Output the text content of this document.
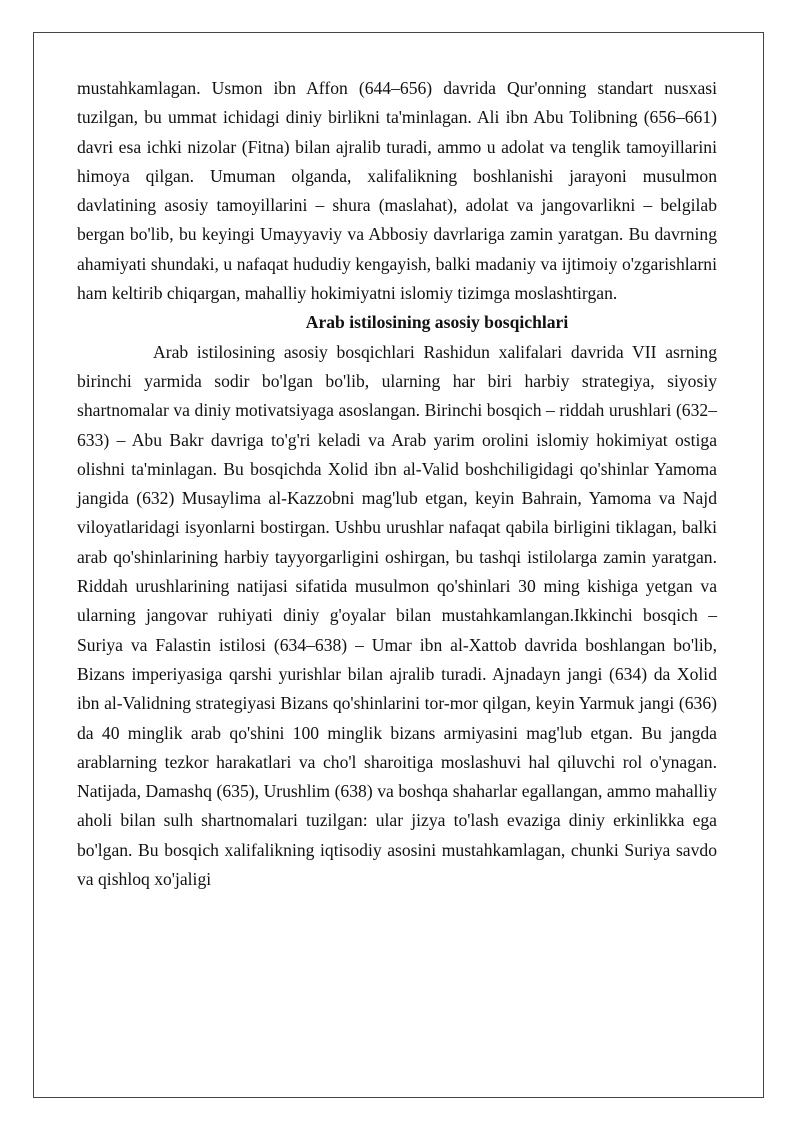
mustahkamlagan. Usmon ibn Affon (644–656) davrida Qur'onning standart nusxasi tuzilgan, bu ummat ichidagi diniy birlikni ta'minlagan. Ali ibn Abu Tolibning (656–661) davri esa ichki nizolar (Fitna) bilan ajralib turadi, ammo u adolat va tenglik tamoyillarini himoya qilgan. Umuman olganda, xalifalikning boshlanishi jarayoni musulmon davlatining asosiy tamoyillarini – shura (maslahat), adolat va jangovarlikni – belgilab bergan bo'lib, bu keyingi Umayyaviy va Abbosiy davrlariga zamin yaratgan. Bu davrning ahamiyati shundaki, u nafaqat hududiy kengayish, balki madaniy va ijtimoiy o'zgarishlarni ham keltirib chiqargan, mahalliy hokimiyatni islomiy tizimga moslashtirgan.

Arab istilosining asosiy bosqichlari

Arab istilosining asosiy bosqichlari Rashidun xalifalari davrida VII asrning birinchi yarmida sodir bo'lgan bo'lib, ularning har biri harbiy strategiya, siyosiy shartnomalar va diniy motivatsiyaga asoslangan. Birinchi bosqich – riddah urushlari (632–633) – Abu Bakr davriga to'g'ri keladi va Arab yarim orolini islomiy hokimiyat ostiga olishni ta'minlagan. Bu bosqichda Xolid ibn al-Valid boshchiligidagi qo'shinlar Yamoma jangida (632) Musaylima al-Kazzobni mag'lub etgan, keyin Bahrain, Yamoma va Najd viloyatlaridagi isyonlarni bostirgan. Ushbu urushlar nafaqat qabila birligini tiklagan, balki arab qo'shinlarining harbiy tayyorgarligini oshirgan, bu tashqi istilolarga zamin yaratgan. Riddah urushlarining natijasi sifatida musulmon qo'shinlari 30 ming kishiga yetgan va ularning jangovar ruhiyati diniy g'oyalar bilan mustahkamlangan.Ikkinchi bosqich – Suriya va Falastin istilosi (634–638) – Umar ibn al-Xattob davrida boshlangan bo'lib, Bizans imperiyasiga qarshi yurishlar bilan ajralib turadi. Ajnadayn jangi (634) da Xolid ibn al-Validning strategiyasi Bizans qo'shinlarini tor-mor qilgan, keyin Yarmuk jangi (636) da 40 minglik arab qo'shini 100 minglik bizans armiyasini mag'lub etgan. Bu jangda arablarning tezkor harakatlari va cho'l sharoitiga moslashuvi hal qiluvchi rol o'ynagan. Natijada, Damashq (635), Urushlim (638) va boshqa shaharlar egallangan, ammo mahalliy aholi bilan sulh shartnomalari tuzilgan: ular jizya to'lash evaziga diniy erkinlikka ega bo'lgan. Bu bosqich xalifalikning iqtisodiy asosini mustahkamlagan, chunki Suriya savdo va qishloq xo'jaligi
